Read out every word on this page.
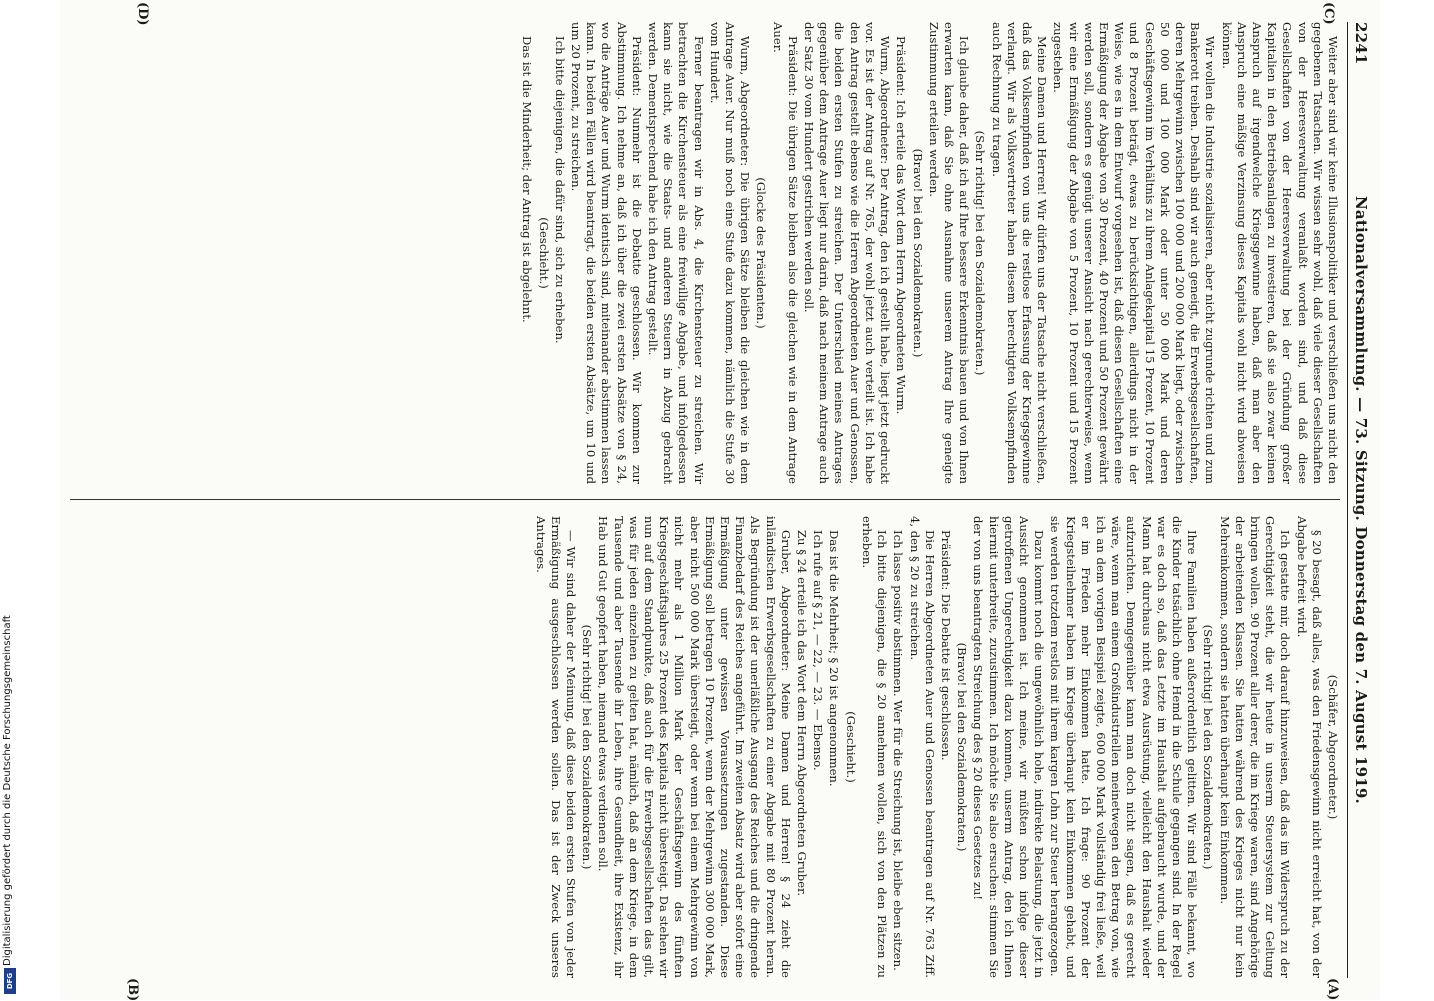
Digitalisierung gefördert durch die Deutsche Forschungsgemeinschaft
DFG
2241
Nationalversammlung. — 73. Sitzung. Donnerstag den 7. August 1919.
(C)
(D)
(A)
(B)

Weiter aber sind wir keine Illusionspolitiker und verschließen uns nicht den gegebenen Tatsachen. Wir wissen sehr wohl, daß viele dieser Gesellschaften von der Heeresverwaltung veranlaßt worden sind, und daß diese Gesellschaften von der Heeresverwaltung bei der Gründung großer Kapitalien in den Betriebsanlagen zu investieren, daß sie also zwar keinen Anspruch auf irgendwelche Kriegsgewinne haben, daß man aber den Anspruch eine mäßige Verzinsung dieses Kapitals wohl nicht wird abweisen können.

Wir wollen die Industrie sozialisieren, aber nicht zugrunde richten und zum Bankerott treiben. Deshalb sind wir auch geneigt, die Erwerbsgesellschaften, deren Mehrgewinn zwischen 100 000 und 200 000 Mark liegt, oder zwischen 50 000 und 100 000 Mark oder unter 50 000 Mark und deren Geschäftsgewinn im Verhältnis zu ihrem Anlagekapital 15 Prozent, 10 Prozent und 8 Prozent beträgt, etwas zu berücksichtigen, allerdings nicht in der Weise, wie es in dem Entwurf vorgesehen ist, daß diesen Gesellschaften eine Ermäßigung der Abgabe von 30 Prozent, 40 Prozent und 50 Prozent gewährt werden soll, sondern es genügt unserer Ansicht nach gerechterweise, wenn wir eine Ermäßigung der Abgabe von 5 Prozent, 10 Prozent und 15 Prozent zugestehen.

Meine Damen und Herren! Wir dürfen uns der Tatsache nicht verschließen, daß das Volksempfinden von uns die restlose Erfassung der Kriegsgewinne verlangt. Wir als Volksvertreter haben diesem berechtigten Volksempfinden auch Rechnung zu tragen.

(Sehr richtig! bei den Sozialdemokraten.)

Ich glaube daher, daß ich auf Ihre bessere Erkenntnis bauen und von Ihnen erwarten kann, daß Sie ohne Ausnahme unserem Antrag Ihre geneigte Zustimmung erteilen werden.

(Bravo! bei den Sozialdemokraten.)

Präsident: Ich erteile das Wort dem Herrn Abgeordneten Wurm.

Wurm, Abgeordneter: Der Antrag, den ich gestellt habe, liegt jetzt gedruckt vor. Es ist der Antrag auf Nr. 765, der wohl jetzt auch verteilt ist. Ich habe den Antrag gestellt ebenso wie die Herren Abgeordneten Auer und Genossen, die beiden ersten Stufen zu streichen. Der Unterschied meines Antrages gegenüber dem Antrage Auer liegt nur darin, daß nach meinem Antrage auch der Satz 30 vom Hundert gestrichen werden soll.

Präsident: Die übrigen Sätze bleiben also die gleichen wie in dem Antrage Auer.

(Glocke des Präsidenten.)

Wurm, Abgeordneter: Die übrigen Sätze bleiben die gleichen wie in dem Antrage Auer. Nur muß noch eine Stufe dazu kommen, nämlich die Stufe 30 vom Hundert.

Ferner beantragen wir in Abs. 4, die Kirchensteuer zu streichen. Wir betrachten die Kirchensteuer als eine freiwillige Abgabe, und infolgedessen kann sie nicht, wie die Staats- und anderen Steuern in Abzug gebracht werden. Dementsprechend habe ich den Antrag gestellt.

Präsident: Nunmehr ist die Debatte geschlossen. Wir kommen zur Abstimmung. Ich nehme an, daß ich über die zwei ersten Absätze von § 24, wo die Anträge Auer und Wurm identisch sind, miteinander abstimmen lassen kann. In beiden Fällen wird beantragt, die beiden ersten Absätze, um 10 und um 20 Prozent, zu streichen.

Ich bitte diejenigen, die dafür sind, sich zu erheben.

(Geschieht.)

Das ist die Minderheit; der Antrag ist abgelehnt.

(Schäfer, Abgeordneter.)

§ 20 besagt, daß alles, was den Friedensgewinn nicht erreicht hat, von der Abgabe befreit wird.

Ich gestatte mir, doch darauf hinzuweisen, daß das im Widerspruch zu der Gerechtigkeit steht, die wir heute in unserm Steuersystem zur Geltung bringen wollen. 90 Prozent aller derer, die im Kriege waren, sind Angehörige der arbeitenden Klassen. Sie hatten während des Krieges nicht nur kein Mehreinkommen, sondern sie hatten überhaupt kein Einkommen.

(Sehr richtig! bei den Sozialdemokraten.)

Ihre Familien haben außerordentlich gelitten. Wir sind Fälle bekannt, wo die Kinder tatsächlich ohne Hemd in die Schule gegangen sind. In der Regel war es doch so, daß das Letzte im Haushalt aufgebraucht wurde, und der Mann hat durchaus nicht etwa Ausrüstung, vielleicht den Haushalt wieder aufzurichten. Demgegenüber kann man doch nicht sagen, daß es gerecht wäre, wenn man einem Großindustriellen meinetwegen den Betrag von, wie ich an dem vorigen Beispiel zeigte, 600 000 Mark vollständig frei ließe, weil er im Frieden mehr Einkommen hatte. Ich frage: 90 Prozent der Kriegsteilnehmer haben im Kriege überhaupt kein Einkommen gehabt, und sie werden trotzdem restlos mit ihrem kargen Lohn zur Steuer herangezogen.

Dazu kommt noch die ungewöhnlich hohe, indirekte Belastung, die jetzt in Aussicht genommen ist. Ich meine, wir müßten schon infolge dieser getroffenen Ungerechtigkeit dazu kommen, unserm Antrag, den ich Ihnen hiermit unterbreite, zuzustimmen. Ich möchte Sie also ersuchen: stimmen Sie der von uns beantragten Streichung des § 20 dieses Gesetzes zu!

(Bravo! bei den Sozialdemokraten.)

Präsident: Die Debatte ist geschlossen.

Die Herren Abgeordneten Auer und Genossen beantragen auf Nr. 763 Ziff. 4, den § 20 zu streichen.

Ich lasse positiv abstimmen. Wer für die Streichung ist, bleibe eben sitzen.

Ich bitte diejenigen, die § 20 annehmen wollen, sich von den Plätzen zu erheben.

(Geschieht.)

Das ist die Mehrheit; § 20 ist angenommen.

Ich rufe auf § 21, — 22, — 23. — Ebenso.

Zu § 24 erteile ich das Wort dem Herrn Abgeordneten Gruber.

Gruber, Abgeordneter: Meine Damen und Herren! § 24 zieht die inländischen Erwerbsgesellschaften zu einer Abgabe mit 80 Prozent heran. Als Begründung ist der unerläßliche Ausgang des Reiches und die dringende Finanzbedarf des Reiches angeführt. Im zweiten Absatz wird aber sofort eine Ermäßigung unter gewissen Voraussetzungen zugestanden. Diese Ermäßigung soll betragen 10 Prozent, wenn der Mehrgewinn 300 000 Mark, aber nicht 500 000 Mark übersteigt, oder wenn bei einem Mehrgewinn von nicht mehr als 1 Million Mark der Geschäftsgewinn des fünften Kriegsgeschäftsjahres 25 Prozent des Kapitals nicht übersteigt. Da stehen wir nun auf dem Standpunkte, daß auch für die Erwerbsgesellschaften das gilt, was für jeden einzelnen zu gelten hat, nämlich, daß an dem Kriege, in dem Tausende und aber Tausende ihr Leben, ihre Gesundheit, ihre Existenz, ihr Hab und Gut geopfert haben, niemand etwas verdienen soll.

(Sehr richtig! bei den Sozialdemokraten.)

— Wir sind daher der Meinung, daß diese beiden ersten Stufen von jeder Ermäßigung ausgeschlossen werden sollen. Das ist der Zweck unseres Antrages.
